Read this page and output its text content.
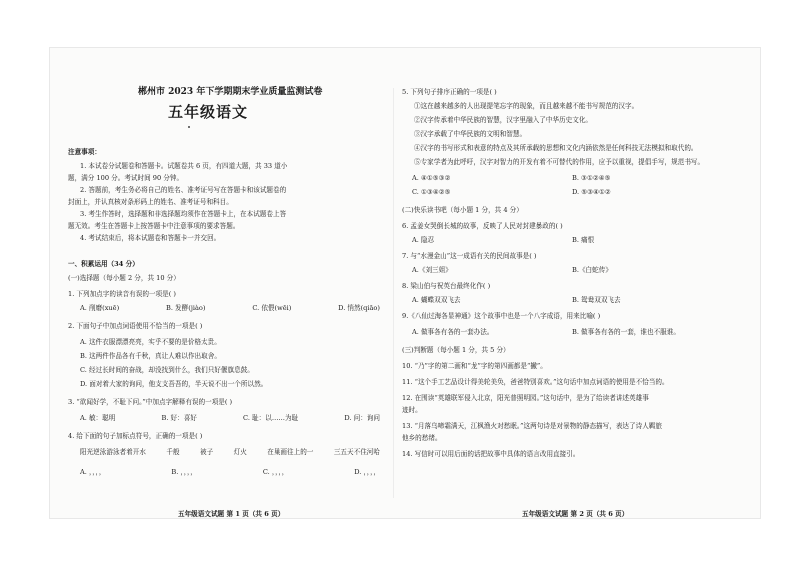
郴州市 2023 年下学期期末学业质量监测试卷
五年级语文
注意事项：
1. 本试卷分试题卷和答题卡。试题卷共 6 页，有四道大题，共 33 道小
题，满分 100 分。考试时间 90 分钟。
2. 答题前，考生务必将自己的姓名、准考证号写在答题卡和该试题卷的
封面上，并认真核对条形码上的姓名、准考证号和科目。
3. 考生作答时，选择题和非选择题均须作在答题卡上，在本试题卷上答
题无效。考生在答题卡上按答题卡中注意事项的要求答题。
4. 考试结束后，将本试题卷和答题卡一并交回。
一、积累运用（34 分）
(一)选择题（每小题 2 分，共 10 分）
1. 下列加点字的读音有误的一项是( )
A. 削磨(xuē)	B. 发酵(jiào)	C. 依偎(wēi)	D. 悄然(qiāo)
2. 下面句子中加点词语使用不恰当的一项是( )
A. 这件衣服漂漂亮亮，实乎不要的是价格太贵。
B. 这两件作品各有千秋，真让人难以作出取舍。
C. 经过长时间的奋战，却没找到什么，我们只好偃旗息鼓。
D. 面对着大家的询问，他支支吾吾的，半天说不出一个所以然。
3. “欲闻好学，不耻下问。”中加点字解释有误的一项是( )
A. 敏：聪明	B. 好：喜好	C. 耻：以……为耻	D. 问：询问
4. 给下面的句子加标点符号，正确的一项是( )
阳光逆泳游泳者着开水	千般	被子	灯火	在巢画往上的一	三五天不住河哈
A. ，，，，	B. ，，，，	C. ，，，，	D. ，，，，
五年级语文试题 第 1 页（共 6 页）
5. 下列句子排序正确的一项是( )
①这在越来越多的人出现提笔忘字的现象，而且越来越不能书写规范的汉字。
②汉字传承着中华民族的智慧，汉字里融入了中华历史文化。
③汉字承载了中华民族的文明和智慧。
④汉字的书写形式和表意的特点及其所承载的思想和文化内涵依然是任何科技无法模拟和取代的。
⑤专家学者为此呼吁，汉字对智力的开发有着不可替代的作用，应予以重视，提倡手写，规范书写。
A. ④①⑤③②	B. ③①②④⑤
C. ①③④②⑤	D. ⑤③④①②
(二)快乐读书吧（每小题 1 分，共 4 分）
6. 孟姜女哭倒长城的故事，反映了人民对封建暴政的( )
A. 隐忍	B. 痛恨
7. 与“水漫金山”这一成语有关的民间故事是( )
A.《刘三姐》	B.《白蛇传》
8. 梁山伯与祝英台最终化作( )
A. 蝴蝶双双飞去	B. 鸳鸯双双飞去
9.《八仙过海各显神通》这个故事中也是一个八字成语，用来比喻( )
A. 做事各有各的一套办法。	B. 做事各有各的一套，谁也不服谁。
(三)判断题（每小题 1 分，共 5 分）
10. “乃”字的第二画和“龙”字的第四画都是“撇”。
11. “这个手工艺品设计得美轮美奂，爸爸特别喜欢。”这句话中加点词语的使用是不恰当的。
12. 在围读“英雄联军侵入北京，阳光普照明园。”这句话中，是为了给读者讲述英雄事
迹时。
13. “月落乌啼霜满天，江枫渔火对愁眠。”这两句诗是对景物的静态描写，表达了诗人羁旅
他乡的愁绪。
14. 写信时可以用后面的话把故事中具体的语言改用直接引。
五年级语文试题 第 2 页（共 6 页）
